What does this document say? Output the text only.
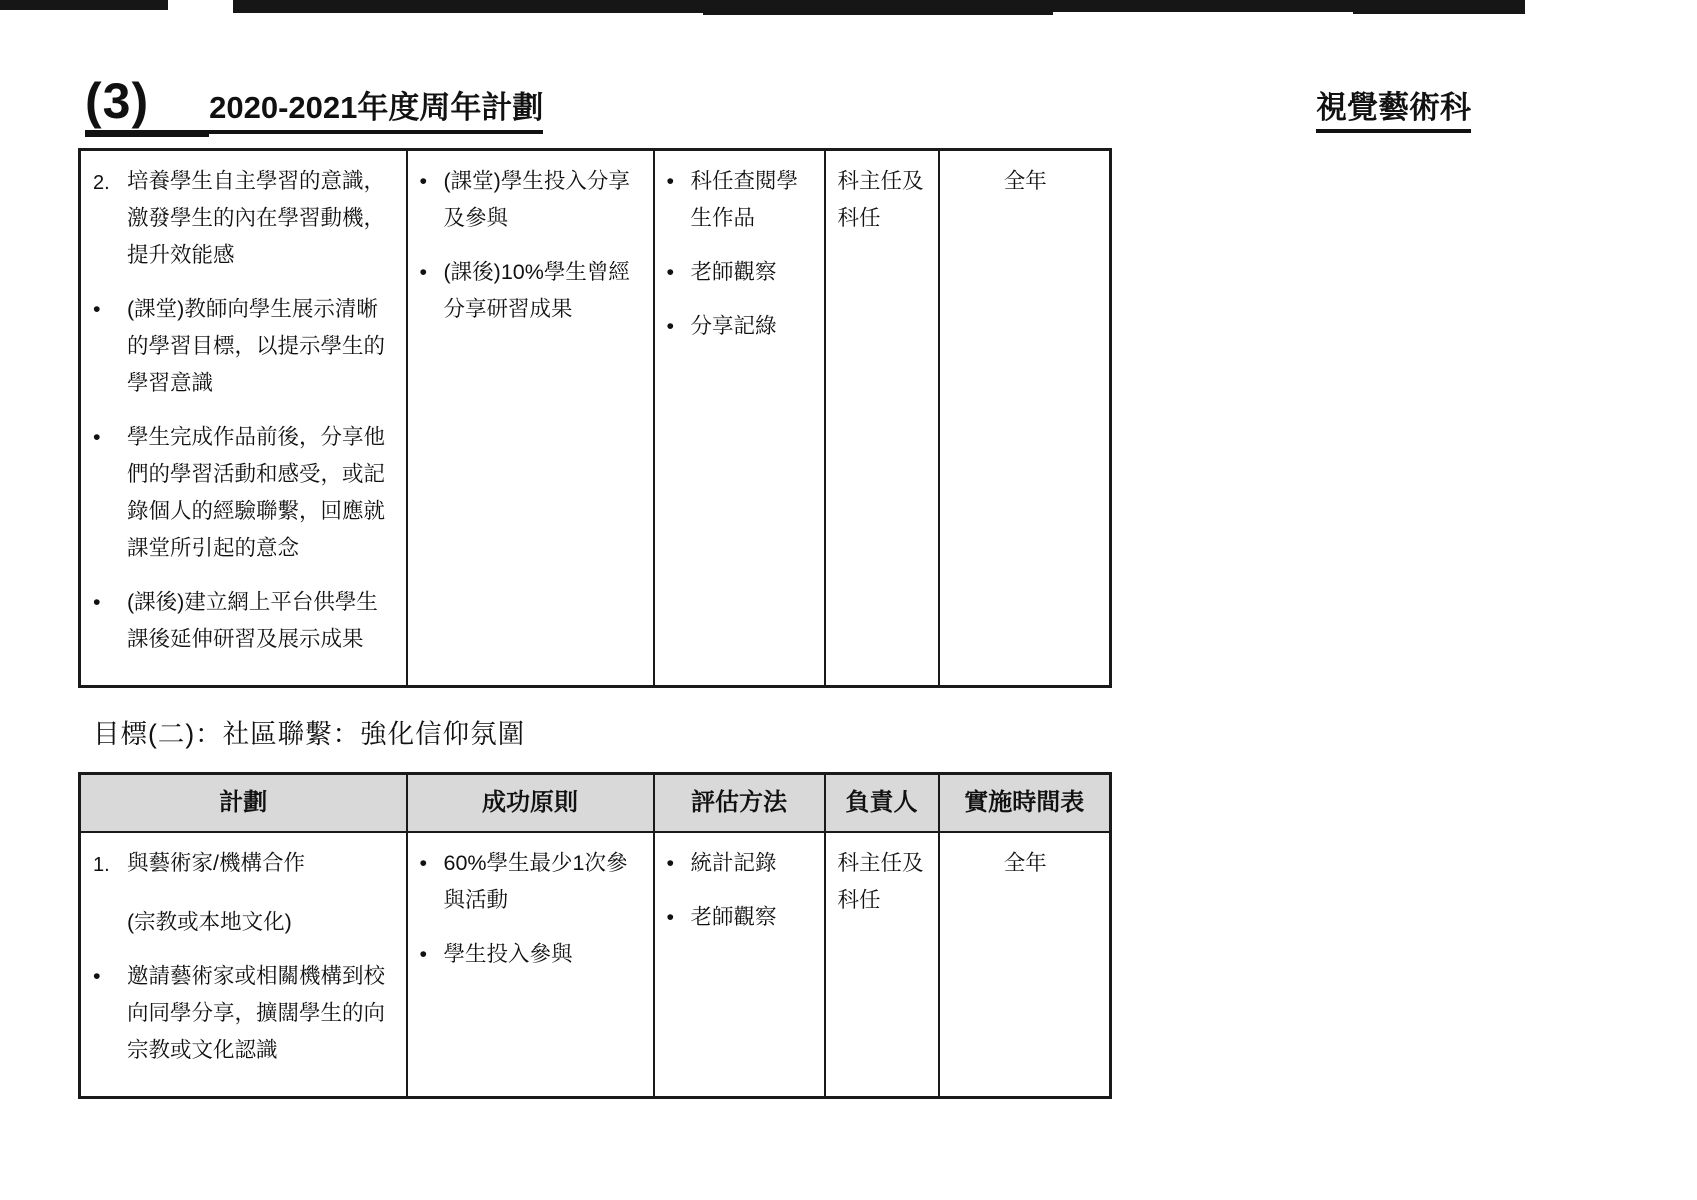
(3)	2020-2021年度周年計劃	視覺藝術科
2. 培養學生自主學習的意識，激發學生的內在學習動機，提升效能感
•	(課堂)教師向學生展示清晰的學習目標，以提示學生的學習意識
•	學生完成作品前後，分享他們的學習活動和感受，或記錄個人的經驗聯繫，回應就課堂所引起的意念
•	(課後)建立網上平台供學生課後延伸研習及展示成果

• (課堂)學生投入分享及參與
• (課後)10%學生曾經分享研習成果

• 科任查閱學生作品
• 老師觀察
• 分享記綠
	科主任及科任	全年
目標(二)：社區聯繫：強化信仰氛圍
計劃	成功原則	評估方法	負責人	實施時間表

1. 與藝術家/機構合作
(宗教或本地文化)
•	邀請藝術家或相關機構到校向同學分享，擴闊學生的向宗教或文化認識

• 60%學生最少1次參與活動
• 學生投入參與

• 統計記錄
• 老師觀察
	科主任及科任	全年
